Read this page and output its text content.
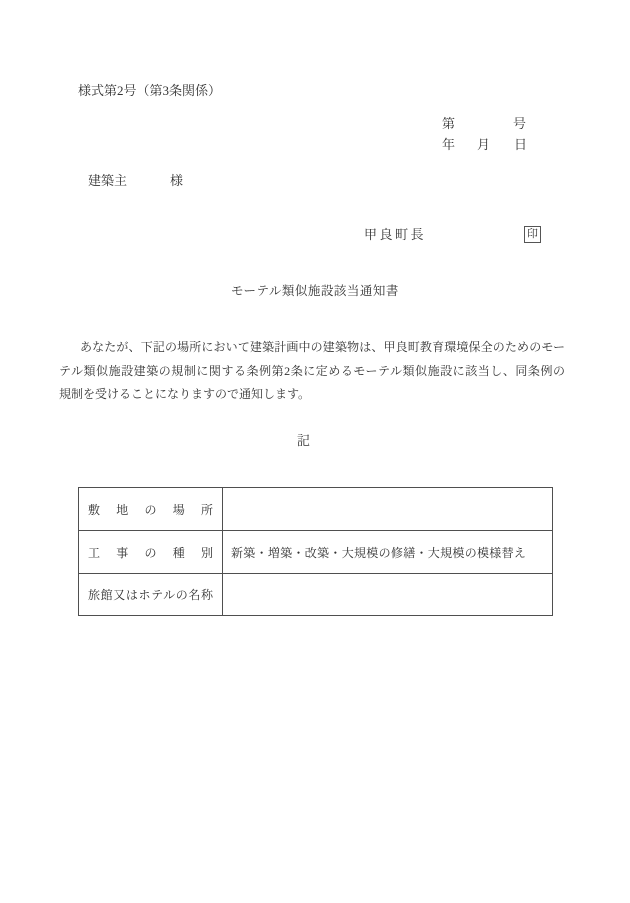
様式第2号（第3条関係）
第	号
年 月 日
建築主	様
甲良町長	印
モーテル類似施設該当通知書
あなたが、下記の場所において建築計画中の建築物は、甲良町教育環境保全のためのモー
テル類似施設建築の規制に関する条例第2条に定めるモーテル類似施設に該当し、同条例の
規制を受けることになりますので通知します。
記
敷地の場所	
工事の種別	新築・増築・改築・大規模の修繕・大規模の模様替え
旅館又はホテルの名称	
